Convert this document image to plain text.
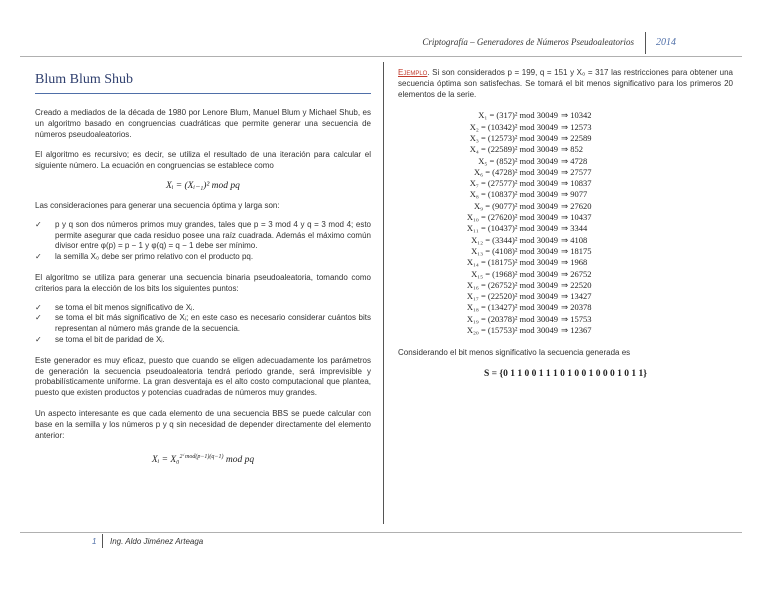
Criptografía – Generadores de Números Pseudoaleatorios 2014
Blum Blum Shub

Creado a mediados de la década de 1980 por Lenore Blum, Manuel Blum y Michael Shub, es un algoritmo basado en congruencias cuadráticas que permite generar una secuencia de números pseudoaleatorios.

El algoritmo es recursivo; es decir, se utiliza el resultado de una iteración para calcular el siguiente número. La ecuación en congruencias se establece como

Xᵢ = (Xᵢ₋₁)² mod pq

Las consideraciones para generar una secuencia óptima y larga son:

✓ p y q son dos números primos muy grandes, tales que p = 3 mod 4 y q = 3 mod 4; esto permite asegurar que cada residuo posee una raíz cuadrada. Además el máximo común divisor entre φ(p) = p − 1 y φ(q) = q − 1 debe ser mínimo.
✓ la semilla X₀ debe ser primo relativo con el producto pq.

El algoritmo se utiliza para generar una secuencia binaria pseudoaleatoria, tomando como criterios para la elección de los bits los siguientes puntos:

✓ se toma el bit menos significativo de Xᵢ.
✓ se toma el bit más significativo de Xᵢ; en este caso es necesario considerar cuántos bits representan al número más grande de la secuencia.
✓ se toma el bit de paridad de Xᵢ.

Este generador es muy eficaz, puesto que cuando se eligen adecuadamente los parámetros de generación la secuencia pseudoaleatoria tendrá periodo grande, será imprevisible y probabilísticamente uniforme. La gran desventaja es el alto costo computacional que plantea, puesto que existen productos y potencias cuadradas de números muy grandes.

Un aspecto interesante es que cada elemento de una secuencia BBS se puede calcular con base en la semilla y los números p y q sin necesidad de depender directamente del elemento anterior:

Xᵢ = X₀$^{2^i mod(p-1)(q-1)}$ mod pq

Ejemplo. Si son considerados p = 199, q = 151 y X₀ = 317 las restricciones para obtener una secuencia óptima son satisfechas. Se tomará el bit menos significativo para los primeros 20 elementos de la serie.

X₁ = (317)² mod 30049 ⇒ 10342
X₂ = (10342)² mod 30049 ⇒ 12573
X₃ = (12573)² mod 30049 ⇒ 22589
X₄ = (22589)² mod 30049 ⇒ 852
X₅ = (852)² mod 30049 ⇒ 4728
X₆ = (4728)² mod 30049 ⇒ 27577
X₇ = (27577)² mod 30049 ⇒ 10837
X₈ = (10837)² mod 30049 ⇒ 9077
X₉ = (9077)² mod 30049 ⇒ 27620
X₁₀ = (27620)² mod 30049 ⇒ 10437
X₁₁ = (10437)² mod 30049 ⇒ 3344
X₁₂ = (3344)² mod 30049 ⇒ 4108
X₁₃ = (4108)² mod 30049 ⇒ 18175
X₁₄ = (18175)² mod 30049 ⇒ 1968
X₁₅ = (1968)² mod 30049 ⇒ 26752
X₁₆ = (26752)² mod 30049 ⇒ 22520
X₁₇ = (22520)² mod 30049 ⇒ 13427
X₁₈ = (13427)² mod 30049 ⇒ 20378
X₁₉ = (20378)² mod 30049 ⇒ 15753
X₂₀ = (15753)² mod 30049 ⇒ 12367

Considerando el bit menos significativo la secuencia generada es

S = {0 1 1 0 0 1 1 1 0 1 0 0 1 0 0 0 1 0 1 1}
1 Ing. Aldo Jiménez Arteaga
